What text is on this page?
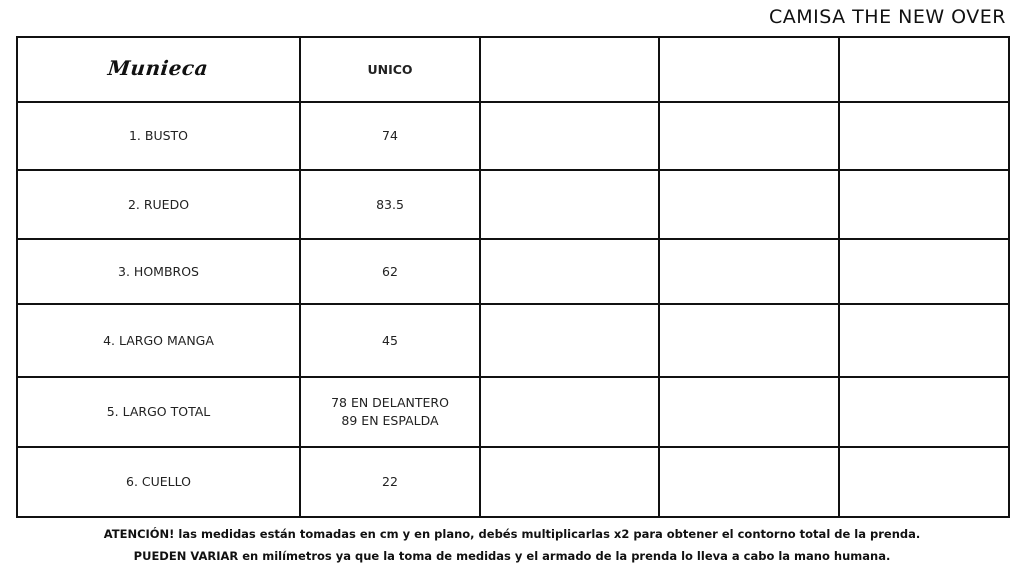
CAMISA THE NEW OVER
Munieca	UNICO			
1. BUSTO	74			
2. RUEDO	83.5			
3. HOMBROS	62			
4. LARGO MANGA	45			
5. LARGO TOTAL	78 EN DELANTERO
89 EN ESPALDA			

6. CUELLO	22			
ATENCIÓN! las medidas están tomadas en cm y en plano, debés multiplicarlas x2 para obtener el contorno total de la prenda.
PUEDEN VARIAR en milímetros ya que la toma de medidas y el armado de la prenda lo lleva a cabo la mano humana.
